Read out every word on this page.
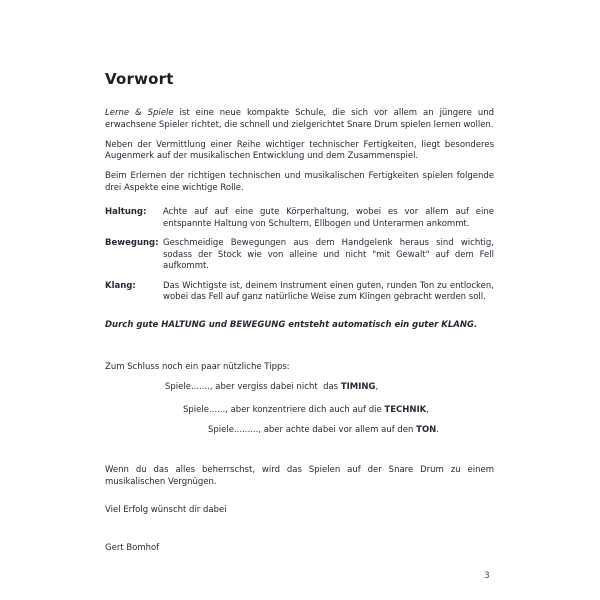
Vorwort

Lerne & Spiele ist eine neue kompakte Schule, die sich vor allem an jüngere und erwachsene Spieler richtet, die schnell und zielgerichtet Snare Drum spielen lernen wollen.

Neben der Vermittlung einer Reihe wichtiger technischer Fertigkeiten, liegt besonderes Augenmerk auf der musikalischen Entwicklung und dem Zusammenspiel.

Beim Erlernen der richtigen technischen und musikalischen Fertigkeiten spielen folgende drei Aspekte eine wichtige Rolle.

Haltung:	Achte auf auf eine gute Körperhaltung, wobei es vor allem auf eine entspannte Haltung von Schultern, Ellbogen und Unterarmen ankommt.
Bewegung: Geschmeidige Bewegungen aus dem Handgelenk heraus sind wichtig, sodass der Stock wie von alleine und nicht "mit Gewalt" auf dem Fell aufkommt.
Klang:	Das Wichtigste ist, deinem Instrument einen guten, runden Ton zu entlocken, wobei das Fell auf ganz natürliche Weise zum Klingen gebracht werden soll.

Durch gute HALTUNG und BEWEGUNG entsteht automatisch ein guter KLANG.

Zum Schluss noch ein paar nützliche Tipps:

Spiele......., aber vergiss dabei nicht  das TIMING,

Spiele......, aber konzentriere dich auch auf die TECHNIK,

Spiele........., aber achte dabei vor allem auf den TON.

Wenn du das alles beherrschst, wird das Spielen auf der Snare Drum zu einem musikalischen Vergnügen.

Viel Erfolg wünscht dir dabei

Gert Bomhof

3
